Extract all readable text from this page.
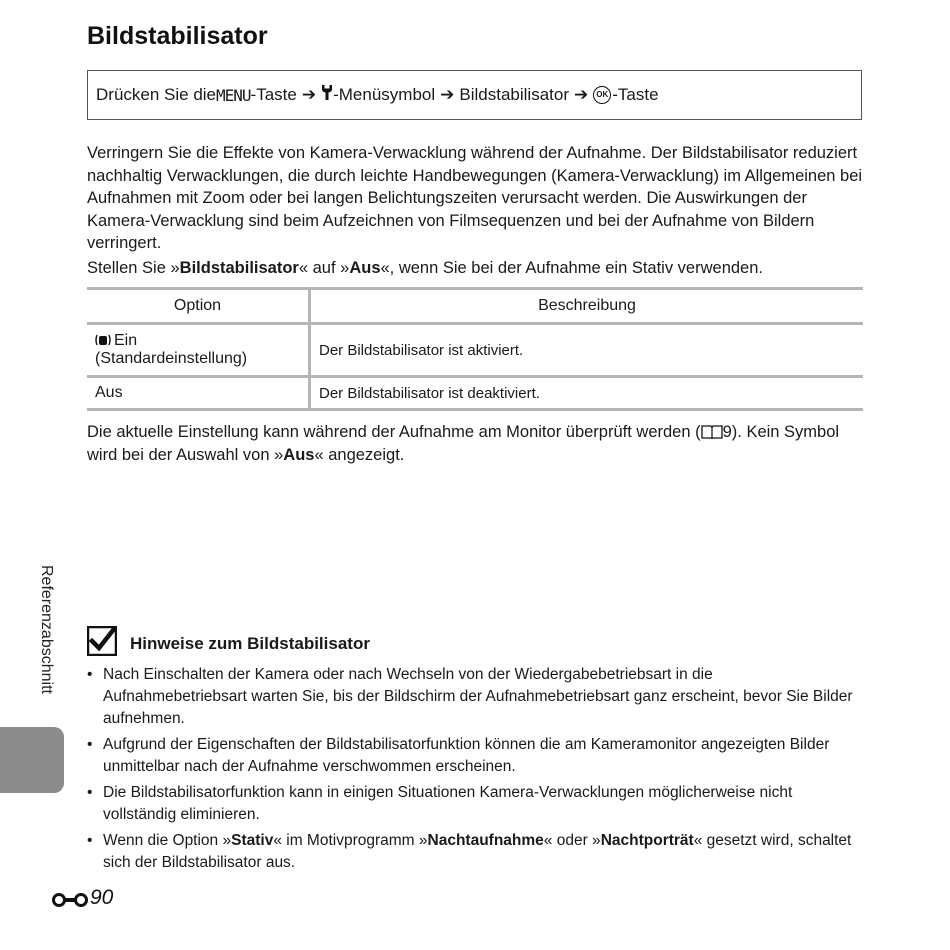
Bildstabilisator
Drücken Sie die MENU -Taste ➔ -Menüsymbol ➔ Bildstabilisator ➔	OK -Taste
Verringern Sie die Effekte von Kamera-Verwacklung während der Aufnahme. Der Bildstabilisator reduziert nachhaltig Verwacklungen, die durch leichte Handbewegungen (Kamera-Verwacklung) im Allgemeinen bei Aufnahmen mit Zoom oder bei langen Belichtungszeiten verursacht werden. Die Auswirkungen der Kamera-Verwacklung sind beim Aufzeichnen von Filmsequenzen und bei der Aufnahme von Bildern verringert.
Stellen Sie »Bildstabilisator« auf »Aus«, wenn Sie bei der Aufnahme ein Stativ verwenden.
Option	Beschreibung
Ein
(Standardeinstellung)	Der Bildstabilisator ist aktiviert.
Aus	Der Bildstabilisator ist deaktiviert.
Die aktuelle Einstellung kann während der Aufnahme am Monitor überprüft werden ( 9). Kein Symbol wird bei der Auswahl von »Aus« angezeigt.
Referenzabschnitt	Hinweise zum Bildstabilisator
• Nach Einschalten der Kamera oder nach Wechseln von der Wiedergabebetriebsart in die Aufnahmebetriebsart warten Sie, bis der Bildschirm der Aufnahmebetriebsart ganz erscheint, bevor Sie Bilder aufnehmen.
• Aufgrund der Eigenschaften der Bildstabilisatorfunktion können die am Kameramonitor angezeigten Bilder unmittelbar nach der Aufnahme verschwommen erscheinen.
• Die Bildstabilisatorfunktion kann in einigen Situationen Kamera-Verwacklungen möglicherweise nicht vollständig eliminieren.
• Wenn die Option »Stativ« im Motivprogramm »Nachtaufnahme« oder »Nachtporträt« gesetzt wird, schaltet sich der Bildstabilisator aus.
90
